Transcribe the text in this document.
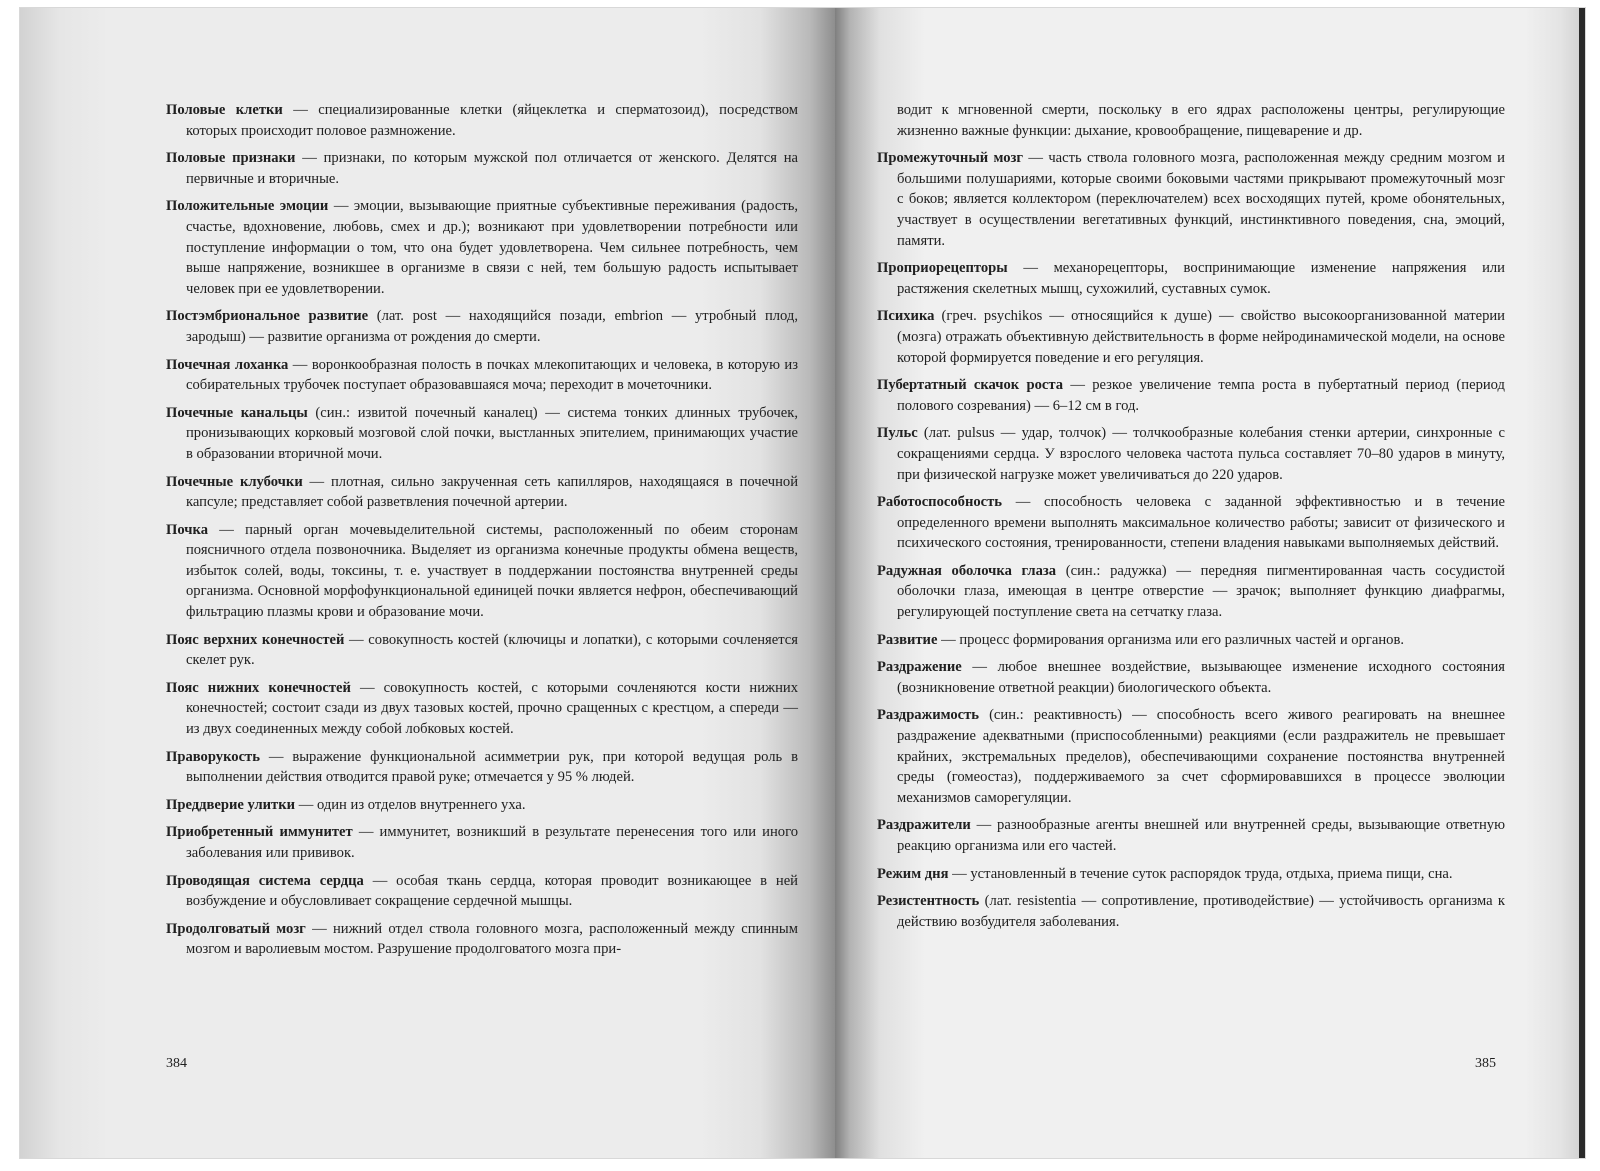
Половые клетки — специализированные клетки (яйцеклетка и сперматозоид), посредством которых происходит половое размножение.

Половые признаки — признаки, по которым мужской пол отличается от женского. Делятся на первичные и вторичные.

Положительные эмоции — эмоции, вызывающие приятные субъективные переживания (радость, счастье, вдохновение, любовь, смех и др.); возникают при удовлетворении потребности или поступление информации о том, что она будет удовлетворена. Чем сильнее потребность, чем выше напряжение, возникшее в организме в связи с ней, тем большую радость испытывает человек при ее удовлетворении.

Постэмбриональное развитие (лат. post — находящийся позади, embrion — утробный плод, зародыш) — развитие организма от рождения до смерти.

Почечная лоханка — воронкообразная полость в почках млекопитающих и человека, в которую из собирательных трубочек поступает образовавшаяся моча; переходит в мочеточники.

Почечные канальцы (син.: извитой почечный каналец) — система тонких длинных трубочек, пронизывающих корковый мозговой слой почки, выстланных эпителием, принимающих участие в образовании вторичной мочи.

Почечные клубочки — плотная, сильно закрученная сеть капилляров, находящаяся в почечной капсуле; представляет собой разветвления почечной артерии.

Почка — парный орган мочевыделительной системы, расположенный по обеим сторонам поясничного отдела позвоночника. Выделяет из организма конечные продукты обмена веществ, избыток солей, воды, токсины, т. е. участвует в поддержании постоянства внутренней среды организма. Основной морфофункциональной единицей почки является нефрон, обеспечивающий фильтрацию плазмы крови и образование мочи.

Пояс верхних конечностей — совокупность костей (ключицы и лопатки), с которыми сочленяется скелет рук.

Пояс нижних конечностей — совокупность костей, с которыми сочленяются кости нижних конечностей; состоит сзади из двух тазовых костей, прочно сращенных с крестцом, а спереди — из двух соединенных между собой лобковых костей.

Праворукость — выражение функциональной асимметрии рук, при которой ведущая роль в выполнении действия отводится правой руке; отмечается у 95 % людей.

Преддверие улитки — один из отделов внутреннего уха.

Приобретенный иммунитет — иммунитет, возникший в результате перенесения того или иного заболевания или прививок.

Проводящая система сердца — особая ткань сердца, которая проводит возникающее в ней возбуждение и обусловливает сокращение сердечной мышцы.

Продолговатый мозг — нижний отдел ствола головного мозга, расположенный между спинным мозгом и варолиевым мостом. Разрушение продолговатого мозга при-

384

водит к мгновенной смерти, поскольку в его ядрах расположены центры, регулирующие жизненно важные функции: дыхание, кровообращение, пищеварение и др.

Промежуточный мозг — часть ствола головного мозга, расположенная между средним мозгом и большими полушариями, которые своими боковыми частями прикрывают промежуточный мозг с боков; является коллектором (переключателем) всех восходящих путей, кроме обонятельных, участвует в осуществлении вегетативных функций, инстинктивного поведения, сна, эмоций, памяти.

Проприорецепторы — механорецепторы, воспринимающие изменение напряжения или растяжения скелетных мышц, сухожилий, суставных сумок.

Психика (греч. psychikos — относящийся к душе) — свойство высокоорганизованной материи (мозга) отражать объективную действительность в форме нейродинамической модели, на основе которой формируется поведение и его регуляция.

Пубертатный скачок роста — резкое увеличение темпа роста в пубертатный период (период полового созревания) — 6–12 см в год.

Пульс (лат. pulsus — удар, толчок) — толчкообразные колебания стенки артерии, синхронные с сокращениями сердца. У взрослого человека частота пульса составляет 70–80 ударов в минуту, при физической нагрузке может увеличиваться до 220 ударов.

Работоспособность — способность человека с заданной эффективностью и в течение определенного времени выполнять максимальное количество работы; зависит от физического и психического состояния, тренированности, степени владения навыками выполняемых действий.

Радужная оболочка глаза (син.: радужка) — передняя пигментированная часть сосудистой оболочки глаза, имеющая в центре отверстие — зрачок; выполняет функцию диафрагмы, регулирующей поступление света на сетчатку глаза.

Развитие — процесс формирования организма или его различных частей и органов.

Раздражение — любое внешнее воздействие, вызывающее изменение исходного состояния (возникновение ответной реакции) биологического объекта.

Раздражимость (син.: реактивность) — способность всего живого реагировать на внешнее раздражение адекватными (приспособленными) реакциями (если раздражитель не превышает крайних, экстремальных пределов), обеспечивающими сохранение постоянства внутренней среды (гомеостаз), поддерживаемого за счет сформировавшихся в процессе эволюции механизмов саморегуляции.

Раздражители — разнообразные агенты внешней или внутренней среды, вызывающие ответную реакцию организма или его частей.

Режим дня — установленный в течение суток распорядок труда, отдыха, приема пищи, сна.

Резистентность (лат. resistentia — сопротивление, противодействие) — устойчивость организма к действию возбудителя заболевания.

385
